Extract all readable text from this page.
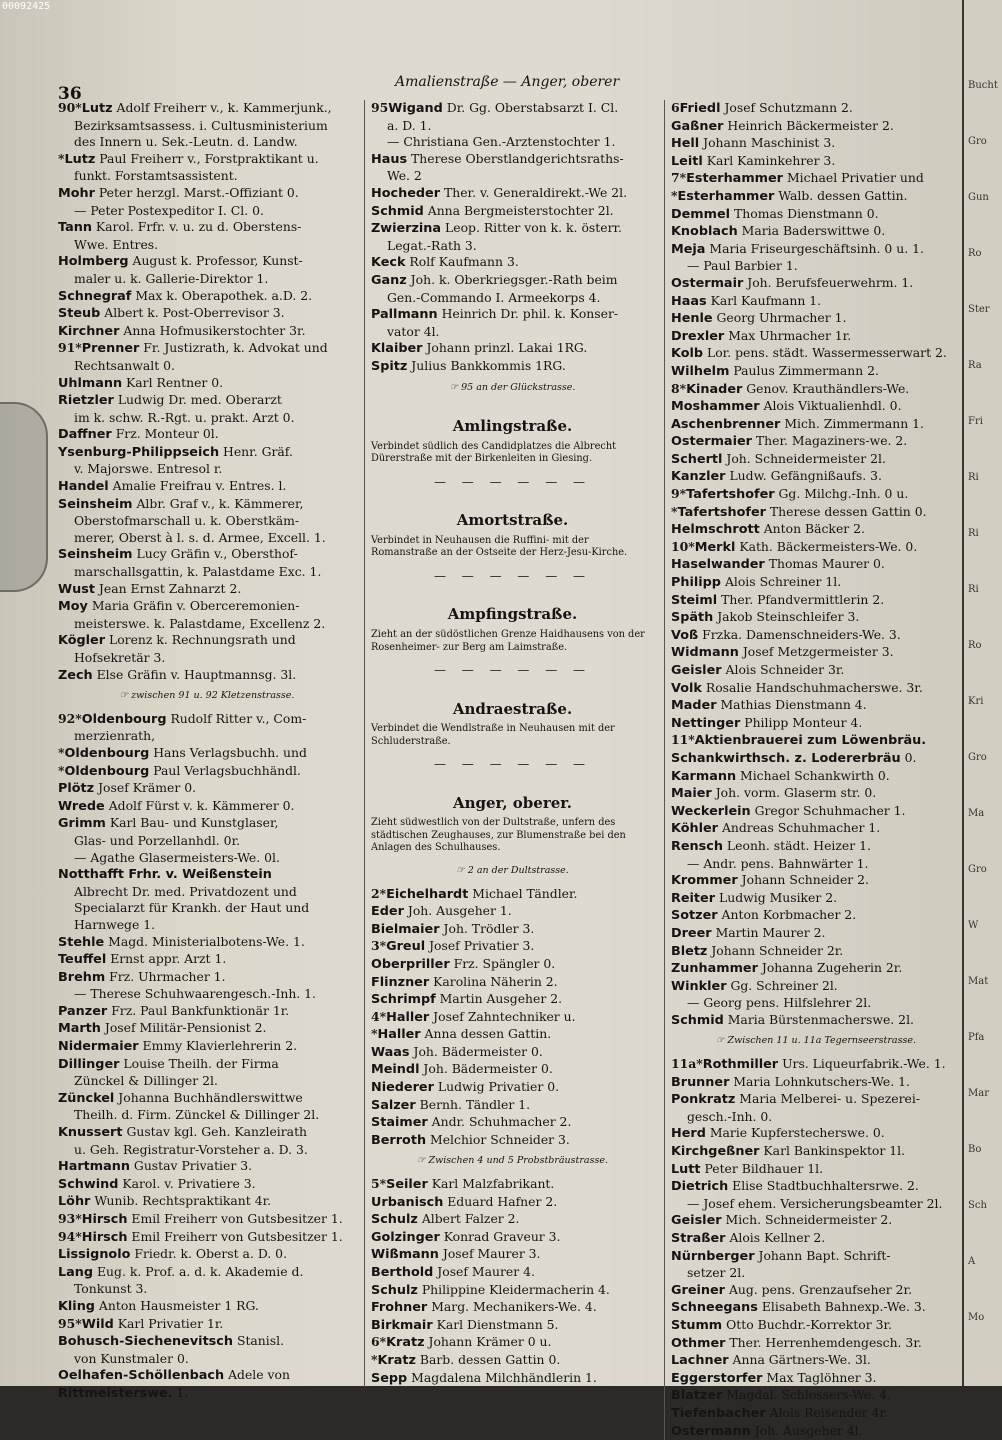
00092425
36
Amalienstraße — Anger, oberer
90*Lutz Adolf Freiherr v., k. Kammerjunk.,
Bezirksamtsassess. i. Cultusministerium
des Innern u. Sek.-Leutn. d. Landw.
*Lutz Paul Freiherr v., Forstpraktikant u.
funkt. Forstamtsassistent.
Mohr Peter herzgl. Marst.-Offiziant 0.
— Peter Postexpeditor I. Cl. 0.
Tann Karol. Frfr. v. u. zu d. Oberstens-
Wwe. Entres.
Holmberg August k. Professor, Kunst-
maler u. k. Gallerie-Direktor 1.
Schnegraf Max k. Oberapothek. a.D. 2.
Steub Albert k. Post-Oberrevisor 3.
Kirchner Anna Hofmusikerstochter 3r.
91*Prenner Fr. Justizrath, k. Advokat und
Rechtsanwalt 0.
Uhlmann Karl Rentner 0.
Rietzler Ludwig Dr. med. Oberarzt
im k. schw. R.-Rgt. u. prakt. Arzt 0.
Daffner Frz. Monteur 0l.
Ysenburg-Philippseich Henr. Gräf.
v. Majorswe. Entresol r.
Handel Amalie Freifrau v. Entres. l.
Seinsheim Albr. Graf v., k. Kämmerer,
Oberstofmarschall u. k. Oberstkäm-
merer, Oberst à l. s. d. Armee, Excell. 1.
Seinsheim Lucy Gräfin v., Obersthof-
marschallsgattin, k. Palastdame Exc. 1.
Wust Jean Ernst Zahnarzt 2.
Moy Maria Gräfin v. Oberceremonien-
meisterswe. k. Palastdame, Excellenz 2.
Kögler Lorenz k. Rechnungsrath und
Hofsekretär 3.
Zech Else Gräfin v. Hauptmannsg. 3l.
☞ zwischen 91 u. 92 Kletzenstrasse.
92*Oldenbourg Rudolf Ritter v., Com-
merzienrath,
*Oldenbourg Hans Verlagsbuchh. und
*Oldenbourg Paul Verlagsbuchhändl.
Plötz Josef Krämer 0.
Wrede Adolf Fürst v. k. Kämmerer 0.
Grimm Karl Bau- und Kunstglaser,
Glas- und Porzellanhdl. 0r.
— Agathe Glasermeisters-We. 0l.
Notthafft Frhr. v. Weißenstein
Albrecht Dr. med. Privatdozent und
Specialarzt für Krankh. der Haut und
Harnwege 1.
Stehle Magd. Ministerialbotens-We. 1.
Teuffel Ernst appr. Arzt 1.
Brehm Frz. Uhrmacher 1.
— Therese Schuhwaarengesch.-Inh. 1.
Panzer Frz. Paul Bankfunktionär 1r.
Marth Josef Militär-Pensionist 2.
Nidermaier Emmy Klavierlehrerin 2.
Dillinger Louise Theilh. der Firma
Zünckel & Dillinger 2l.
Zünckel Johanna Buchhändlerswittwe
Theilh. d. Firm. Zünckel & Dillinger 2l.
Knussert Gustav kgl. Geh. Kanzleirath
u. Geh. Registratur-Vorsteher a. D. 3.
Hartmann Gustav Privatier 3.
Schwind Karol. v. Privatiere 3.
Löhr Wunib. Rechtspraktikant 4r.
93*Hirsch Emil Freiherr von Gutsbesitzer 1.
94*Hirsch Emil Freiherr von Gutsbesitzer 1.
Lissignolo Friedr. k. Oberst a. D. 0.
Lang Eug. k. Prof. a. d. k. Akademie d.
Tonkunst 3.
Kling Anton Hausmeister 1 RG.
95*Wild Karl Privatier 1r.
Bohusch-Siechenevitsch Stanisl.
von Kunstmaler 0.
Oelhafen-Schöllenbach Adele von
Rittmeisterswe. 1.
95Wigand Dr. Gg. Oberstabsarzt I. Cl.
a. D. 1.
— Christiana Gen.-Arztenstochter 1.
Haus Therese Oberstlandgerichtsraths-
We. 2
Hocheder Ther. v. Generaldirekt.-We 2l.
Schmid Anna Bergmeisterstochter 2l.
Zwierzina Leop. Ritter von k. k. österr.
Legat.-Rath 3.
Keck Rolf Kaufmann 3.
Ganz Joh. k. Oberkriegsger.-Rath beim
Gen.-Commando I. Armeekorps 4.
Pallmann Heinrich Dr. phil. k. Konser-
vator 4l.
Klaiber Johann prinzl. Lakai 1RG.
Spitz Julius Bankkommis 1RG.
☞ 95 an der Glückstrasse.
Amlingstraße.
Verbindet südlich des Candidplatzes die Albrecht Dürerstraße mit der Birkenleiten in Giesing.
— — — — — —
Amortstraße.
Verbindet in Neuhausen die Ruffini- mit der Romanstraße an der Ostseite der Herz-Jesu-Kirche.
— — — — — —
Ampfingstraße.
Zieht an der südöstlichen Grenze Haidhausens von der Rosenheimer- zur Berg am Laimstraße.
— — — — — —
Andraestraße.
Verbindet die Wendlstraße in Neuhausen mit der Schluderstraße.
— — — — — —
Anger, oberer.
Zieht südwestlich von der Dultstraße, unfern des städtischen Zeughauses, zur Blumenstraße bei den Anlagen des Schulhauses.
☞ 2 an der Dultstrasse.
2*Eichelhardt Michael Tändler.
Eder Joh. Ausgeher 1.
Bielmaier Joh. Trödler 3.
3*Greul Josef Privatier 3.
Oberpriller Frz. Spängler 0.
Flinzner Karolina Näherin 2.
Schrimpf Martin Ausgeher 2.
4*Haller Josef Zahntechniker u.
*Haller Anna dessen Gattin.
Waas Joh. Bädermeister 0.
Meindl Joh. Bädermeister 0.
Niederer Ludwig Privatier 0.
Salzer Bernh. Tändler 1.
Staimer Andr. Schuhmacher 2.
Berroth Melchior Schneider 3.
☞ Zwischen 4 und 5 Probstbräustrasse.
5*Seiler Karl Malzfabrikant.
Urbanisch Eduard Hafner 2.
Schulz Albert Falzer 2.
Golzinger Konrad Graveur 3.
Wißmann Josef Maurer 3.
Berthold Josef Maurer 4.
Schulz Philippine Kleidermacherin 4.
Frohner Marg. Mechanikers-We. 4.
Birkmair Karl Dienstmann 5.
6*Kratz Johann Krämer 0 u.
*Kratz Barb. dessen Gattin 0.
Sepp Magdalena Milchhändlerin 1.
6Friedl Josef Schutzmann 2.
Gaßner Heinrich Bäckermeister 2.
Hell Johann Maschinist 3.
Leitl Karl Kaminkehrer 3.
7*Esterhammer Michael Privatier und
*Esterhammer Walb. dessen Gattin.
Demmel Thomas Dienstmann 0.
Knoblach Maria Baderswittwe 0.
Meja Maria Friseurgeschäftsinh. 0 u. 1.
— Paul Barbier 1.
Ostermair Joh. Berufsfeuerwehrm. 1.
Haas Karl Kaufmann 1.
Henle Georg Uhrmacher 1.
Drexler Max Uhrmacher 1r.
Kolb Lor. pens. städt. Wassermesserwart 2.
Wilhelm Paulus Zimmermann 2.
8*Kinader Genov. Krauthändlers-We.
Moshammer Alois Viktualienhdl. 0.
Aschenbrenner Mich. Zimmermann 1.
Ostermaier Ther. Magaziners-we. 2.
Schertl Joh. Schneidermeister 2l.
Kanzler Ludw. Gefängnißaufs. 3.
9*Tafertshofer Gg. Milchg.-Inh. 0 u.
*Tafertshofer Therese dessen Gattin 0.
Helmschrott Anton Bäcker 2.
10*Merkl Kath. Bäckermeisters-We. 0.
Haselwander Thomas Maurer 0.
Philipp Alois Schreiner 1l.
Steiml Ther. Pfandvermittlerin 2.
Späth Jakob Steinschleifer 3.
Voß Frzka. Damenschneiders-We. 3.
Widmann Josef Metzgermeister 3.
Geisler Alois Schneider 3r.
Volk Rosalie Handschuhmacherswe. 3r.
Mader Mathias Dienstmann 4.
Nettinger Philipp Monteur 4.
11*Aktienbrauerei zum Löwenbräu.
Schankwirthsch. z. Lodererbräu 0.
Karmann Michael Schankwirth 0.
Maier Joh. vorm. Glaserm str. 0.
Weckerlein Gregor Schuhmacher 1.
Köhler Andreas Schuhmacher 1.
Rensch Leonh. städt. Heizer 1.
— Andr. pens. Bahnwärter 1.
Krommer Johann Schneider 2.
Reiter Ludwig Musiker 2.
Sotzer Anton Korbmacher 2.
Dreer Martin Maurer 2.
Bletz Johann Schneider 2r.
Zunhammer Johanna Zugeherin 2r.
Winkler Gg. Schreiner 2l.
— Georg pens. Hilfslehrer 2l.
Schmid Maria Bürstenmacherswe. 2l.
☞ Zwischen 11 u. 11a Tegernseerstrasse.
11a*Rothmiller Urs. Liqueurfabrik.-We. 1.
Brunner Maria Lohnkutschers-We. 1.
Ponkratz Maria Melberei- u. Spezerei-
gesch.-Inh. 0.
Herd Marie Kupferstecherswe. 0.
Kirchgeßner Karl Bankinspektor 1l.
Lutt Peter Bildhauer 1l.
Dietrich Elise Stadtbuchhaltersrwe. 2.
— Josef ehem. Versicherungsbeamter 2l.
Geisler Mich. Schneidermeister 2.
Straßer Alois Kellner 2.
Nürnberger Johann Bapt. Schrift-
setzer 2l.
Greiner Aug. pens. Grenzaufseher 2r.
Schneegans Elisabeth Bahnexp.-We. 3.
Stumm Otto Buchdr.-Korrektor 3r.
Othmer Ther. Herrenhemdengesch. 3r.
Lachner Anna Gärtners-We. 3l.
Eggerstorfer Max Taglöhner 3.
Blatzer Magdal. Schlossers-We. 4.
Tiefenbacher Alois Reisender 4r.
Ostermann Joh. Ausgeher 4l.
Bucht
Gro
Gun
Ro
Ster
Ra
Fri
Ri
Ri
Ri
Ro
Kri
Gro
Ma
Gro
W
Mat
Pfa
Mar
Bo
Sch
A
Mo
